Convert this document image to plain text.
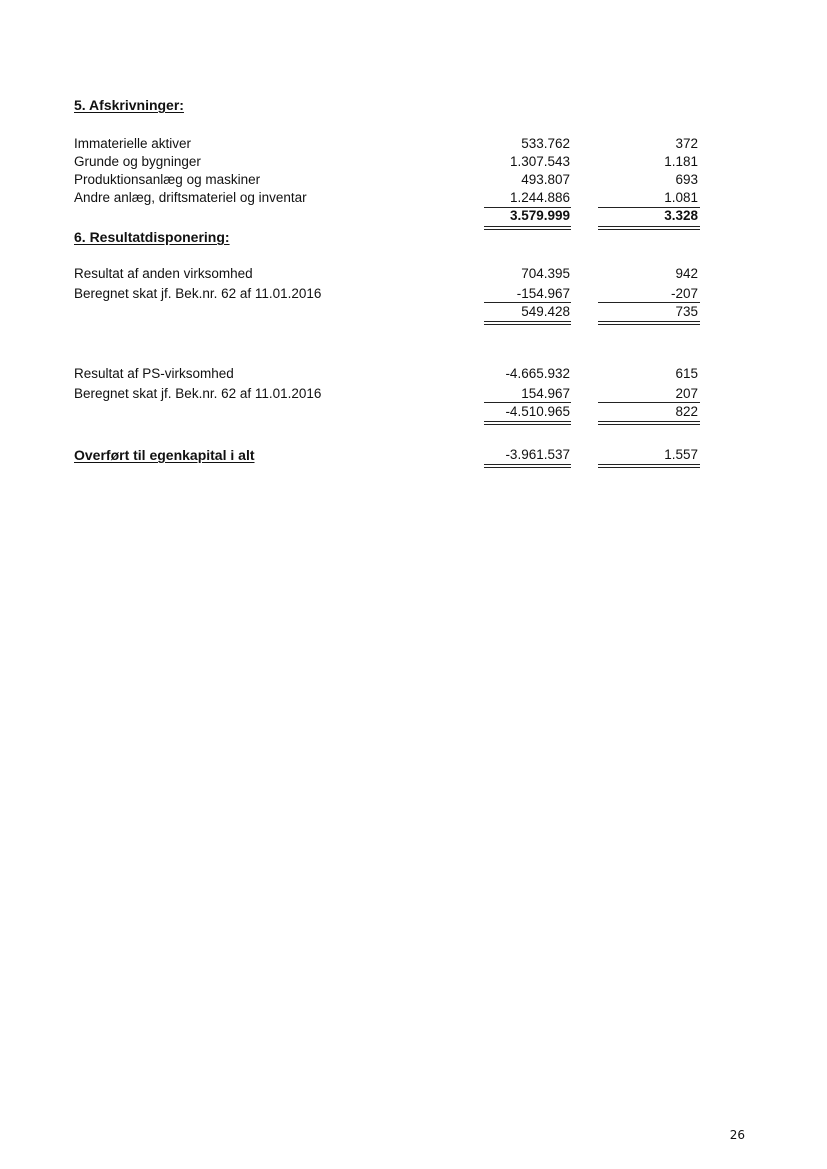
5. Afskrivninger:
Immaterielle aktiver	533.762	372
Grunde og bygninger	1.307.543	1.181
Produktionsanlæg og maskiner	493.807	693
Andre anlæg, driftsmateriel og inventar	1.244.886	1.081
3.579.999	3.328
6. Resultatdisponering:
Resultat af anden virksomhed	704.395	942
Beregnet skat jf. Bek.nr. 62 af 11.01.2016	-154.967	-207
549.428	735
Resultat af PS-virksomhed	-4.665.932	615
Beregnet skat jf. Bek.nr. 62 af 11.01.2016	154.967	207
-4.510.965	822
Overført til egenkapital i alt	-3.961.537	1.557
26
